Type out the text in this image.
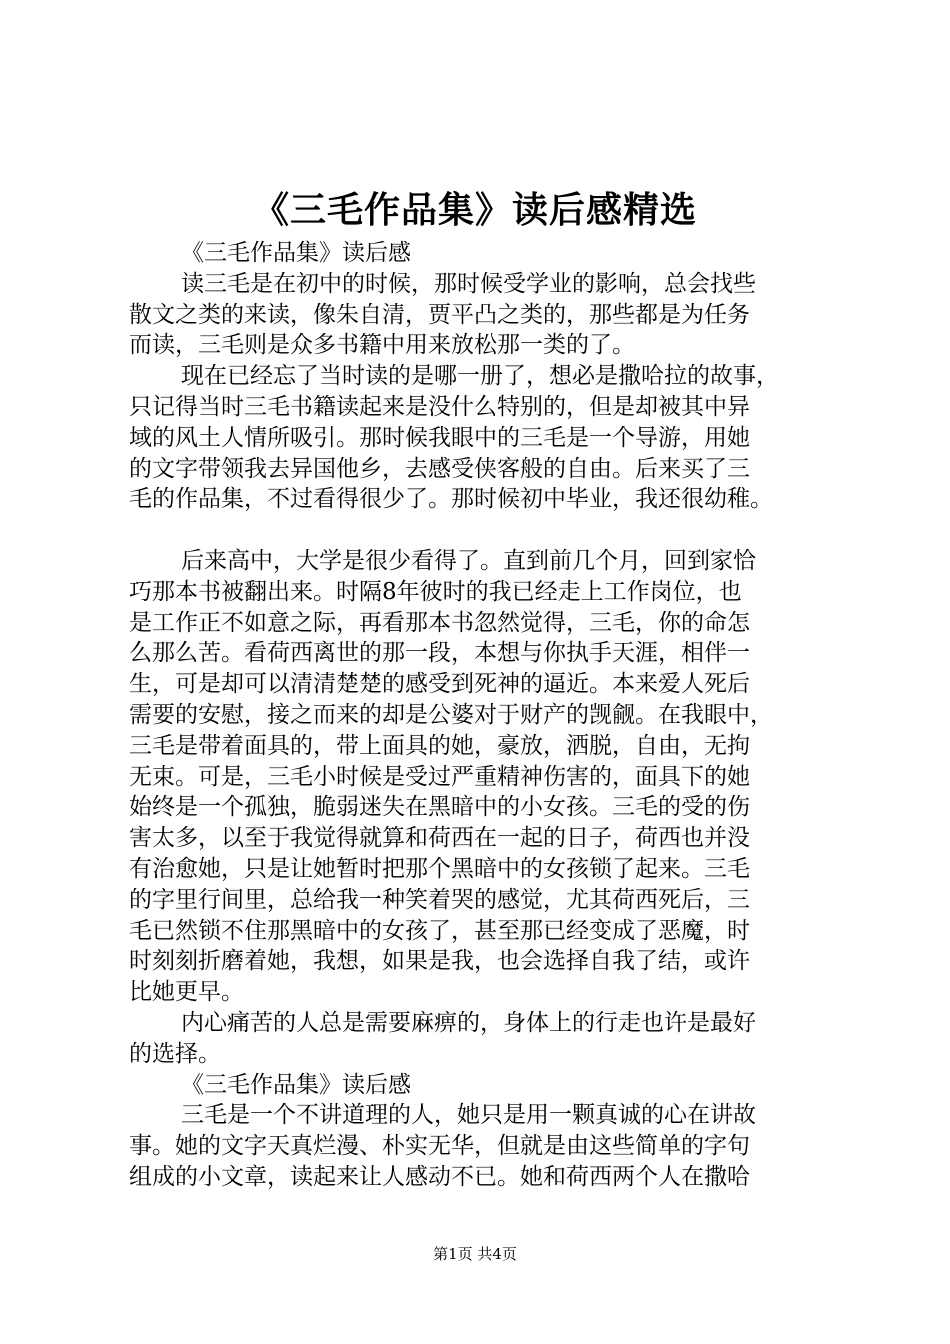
《三毛作品集》读后感精选
《三毛作品集》读后感
读三毛是在初中的时候，那时候受学业的影响，总会找些
散文之类的来读，像朱自清，贾平凸之类的，那些都是为任务
而读，三毛则是众多书籍中用来放松那一类的了。
现在已经忘了当时读的是哪一册了，想必是撒哈拉的故事，
只记得当时三毛书籍读起来是没什么特别的，但是却被其中异
域的风土人情所吸引。那时候我眼中的三毛是一个导游，用她
的文字带领我去异国他乡，去感受侠客般的自由。后来买了三
毛的作品集，不过看得很少了。那时候初中毕业，我还很幼稚。
后来高中，大学是很少看得了。直到前几个月，回到家恰
巧那本书被翻出来。时隔8年彼时的我已经走上工作岗位，也
是工作正不如意之际，再看那本书忽然觉得，三毛，你的命怎
么那么苦。看荷西离世的那一段，本想与你执手天涯，相伴一
生，可是却可以清清楚楚的感受到死神的逼近。本来爱人死后
需要的安慰，接之而来的却是公婆对于财产的觊觎。在我眼中，
三毛是带着面具的，带上面具的她，豪放，洒脱，自由，无拘
无束。可是，三毛小时候是受过严重精神伤害的，面具下的她
始终是一个孤独，脆弱迷失在黑暗中的小女孩。三毛的受的伤
害太多，以至于我觉得就算和荷西在一起的日子，荷西也并没
有治愈她，只是让她暂时把那个黑暗中的女孩锁了起来。三毛
的字里行间里，总给我一种笑着哭的感觉，尤其荷西死后，三
毛已然锁不住那黑暗中的女孩了，甚至那已经变成了恶魔，时
时刻刻折磨着她，我想，如果是我，也会选择自我了结，或许
比她更早。
内心痛苦的人总是需要麻痹的，身体上的行走也许是最好
的选择。
《三毛作品集》读后感
三毛是一个不讲道理的人，她只是用一颗真诚的心在讲故
事。她的文字天真烂漫、朴实无华，但就是由这些简单的字句
组成的小文章，读起来让人感动不已。她和荷西两个人在撒哈
第1页 共4页
